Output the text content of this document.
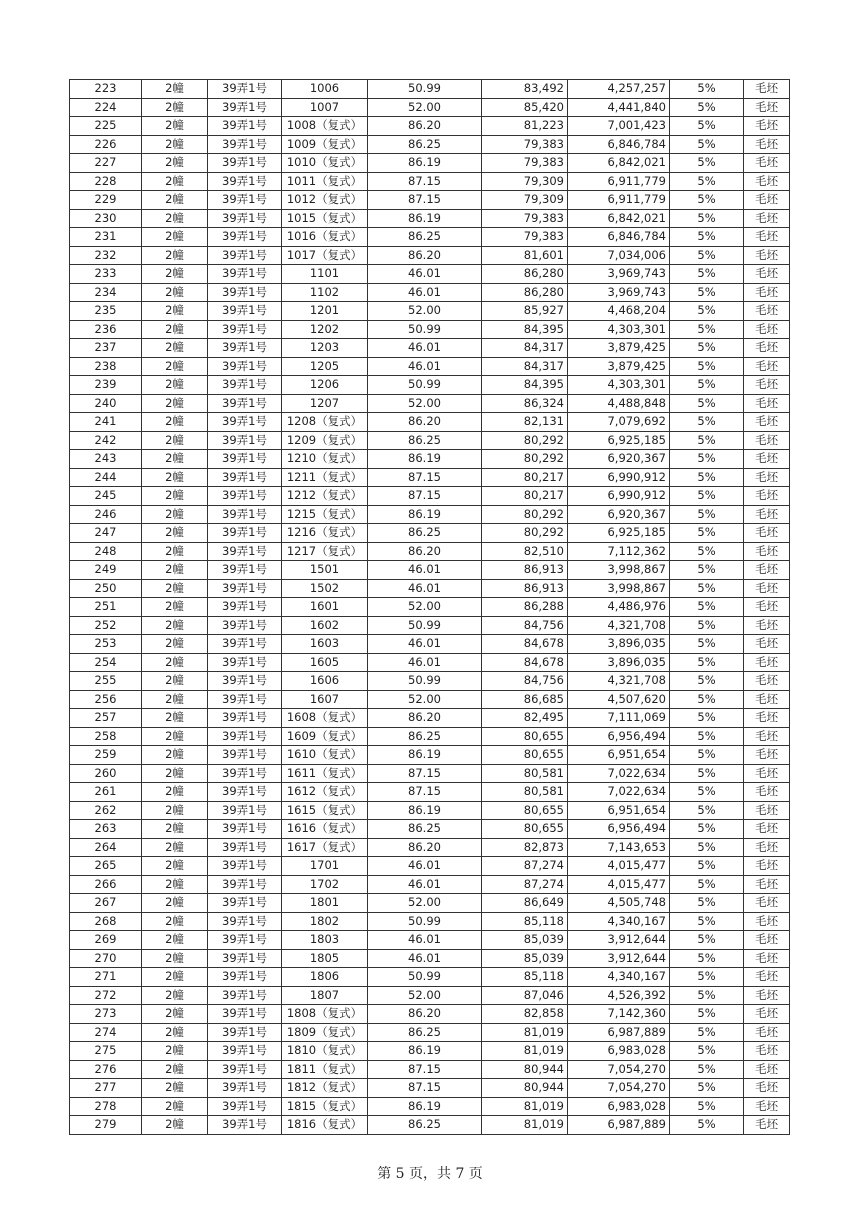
223	2幢	39弄1号	1006	50.99	83,492	4,257,257	5%	毛坯
224	2幢	39弄1号	1007	52.00	85,420	4,441,840	5%	毛坯
225	2幢	39弄1号	1008（复式）	86.20	81,223	7,001,423	5%	毛坯
226	2幢	39弄1号	1009（复式）	86.25	79,383	6,846,784	5%	毛坯
227	2幢	39弄1号	1010（复式）	86.19	79,383	6,842,021	5%	毛坯
228	2幢	39弄1号	1011（复式）	87.15	79,309	6,911,779	5%	毛坯
229	2幢	39弄1号	1012（复式）	87.15	79,309	6,911,779	5%	毛坯
230	2幢	39弄1号	1015（复式）	86.19	79,383	6,842,021	5%	毛坯
231	2幢	39弄1号	1016（复式）	86.25	79,383	6,846,784	5%	毛坯
232	2幢	39弄1号	1017（复式）	86.20	81,601	7,034,006	5%	毛坯
233	2幢	39弄1号	1101	46.01	86,280	3,969,743	5%	毛坯
234	2幢	39弄1号	1102	46.01	86,280	3,969,743	5%	毛坯
235	2幢	39弄1号	1201	52.00	85,927	4,468,204	5%	毛坯
236	2幢	39弄1号	1202	50.99	84,395	4,303,301	5%	毛坯
237	2幢	39弄1号	1203	46.01	84,317	3,879,425	5%	毛坯
238	2幢	39弄1号	1205	46.01	84,317	3,879,425	5%	毛坯
239	2幢	39弄1号	1206	50.99	84,395	4,303,301	5%	毛坯
240	2幢	39弄1号	1207	52.00	86,324	4,488,848	5%	毛坯
241	2幢	39弄1号	1208（复式）	86.20	82,131	7,079,692	5%	毛坯
242	2幢	39弄1号	1209（复式）	86.25	80,292	6,925,185	5%	毛坯
243	2幢	39弄1号	1210（复式）	86.19	80,292	6,920,367	5%	毛坯
244	2幢	39弄1号	1211（复式）	87.15	80,217	6,990,912	5%	毛坯
245	2幢	39弄1号	1212（复式）	87.15	80,217	6,990,912	5%	毛坯
246	2幢	39弄1号	1215（复式）	86.19	80,292	6,920,367	5%	毛坯
247	2幢	39弄1号	1216（复式）	86.25	80,292	6,925,185	5%	毛坯
248	2幢	39弄1号	1217（复式）	86.20	82,510	7,112,362	5%	毛坯
249	2幢	39弄1号	1501	46.01	86,913	3,998,867	5%	毛坯
250	2幢	39弄1号	1502	46.01	86,913	3,998,867	5%	毛坯
251	2幢	39弄1号	1601	52.00	86,288	4,486,976	5%	毛坯
252	2幢	39弄1号	1602	50.99	84,756	4,321,708	5%	毛坯
253	2幢	39弄1号	1603	46.01	84,678	3,896,035	5%	毛坯
254	2幢	39弄1号	1605	46.01	84,678	3,896,035	5%	毛坯
255	2幢	39弄1号	1606	50.99	84,756	4,321,708	5%	毛坯
256	2幢	39弄1号	1607	52.00	86,685	4,507,620	5%	毛坯
257	2幢	39弄1号	1608（复式）	86.20	82,495	7,111,069	5%	毛坯
258	2幢	39弄1号	1609（复式）	86.25	80,655	6,956,494	5%	毛坯
259	2幢	39弄1号	1610（复式）	86.19	80,655	6,951,654	5%	毛坯
260	2幢	39弄1号	1611（复式）	87.15	80,581	7,022,634	5%	毛坯
261	2幢	39弄1号	1612（复式）	87.15	80,581	7,022,634	5%	毛坯
262	2幢	39弄1号	1615（复式）	86.19	80,655	6,951,654	5%	毛坯
263	2幢	39弄1号	1616（复式）	86.25	80,655	6,956,494	5%	毛坯
264	2幢	39弄1号	1617（复式）	86.20	82,873	7,143,653	5%	毛坯
265	2幢	39弄1号	1701	46.01	87,274	4,015,477	5%	毛坯
266	2幢	39弄1号	1702	46.01	87,274	4,015,477	5%	毛坯
267	2幢	39弄1号	1801	52.00	86,649	4,505,748	5%	毛坯
268	2幢	39弄1号	1802	50.99	85,118	4,340,167	5%	毛坯
269	2幢	39弄1号	1803	46.01	85,039	3,912,644	5%	毛坯
270	2幢	39弄1号	1805	46.01	85,039	3,912,644	5%	毛坯
271	2幢	39弄1号	1806	50.99	85,118	4,340,167	5%	毛坯
272	2幢	39弄1号	1807	52.00	87,046	4,526,392	5%	毛坯
273	2幢	39弄1号	1808（复式）	86.20	82,858	7,142,360	5%	毛坯
274	2幢	39弄1号	1809（复式）	86.25	81,019	6,987,889	5%	毛坯
275	2幢	39弄1号	1810（复式）	86.19	81,019	6,983,028	5%	毛坯
276	2幢	39弄1号	1811（复式）	87.15	80,944	7,054,270	5%	毛坯
277	2幢	39弄1号	1812（复式）	87.15	80,944	7,054,270	5%	毛坯
278	2幢	39弄1号	1815（复式）	86.19	81,019	6,983,028	5%	毛坯
279	2幢	39弄1号	1816（复式）	86.25	81,019	6,987,889	5%	毛坯
第 5 页，共 7 页
